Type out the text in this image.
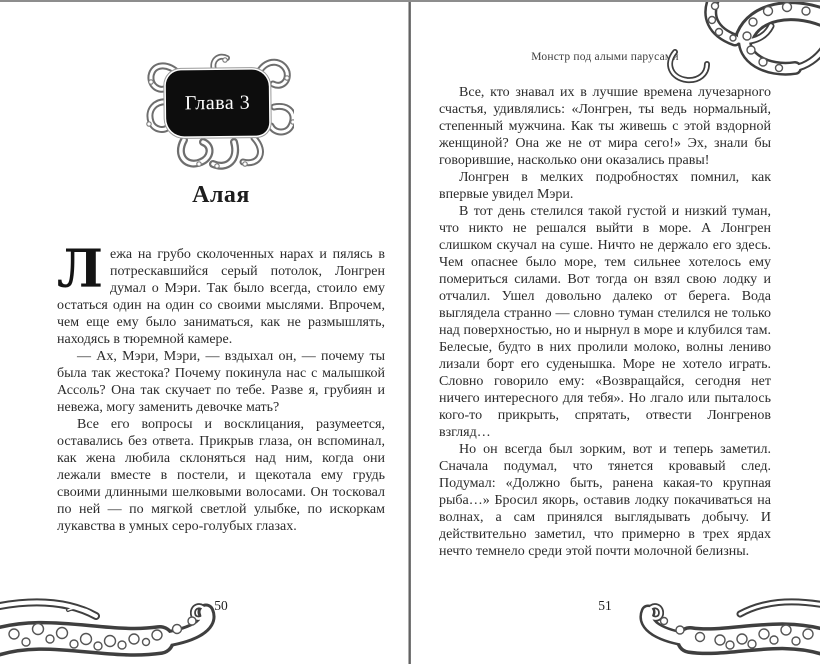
Глава 3
Алая

Лежа на грубо сколоченных нарах и пялясь в потрескавшийся серый потолок, Лонгрен думал о Мэри. Так было всегда, стоило ему остаться один на один со своими мыслями. Впрочем, чем еще ему было заниматься, как не размышлять, находясь в тюремной камере.

— Ах, Мэри, Мэри, — вздыхал он, — почему ты была так жестока? Почему покинула нас с малышкой Ассоль? Она так скучает по тебе. Разве я, грубиян и невежа, могу заменить девочке мать?

Все его вопросы и восклицания, разумеется, оставались без ответа. Прикрыв глаза, он вспоминал, как жена любила склоняться над ним, когда они лежали вместе в постели, и щекотала ему грудь своими длинными шелковыми волосами. Он тосковал по ней — по мягкой светлой улыбке, по искоркам лукавства в умных серо-голубых глазах.

50
Монстр под алыми парусами

Все, кто знавал их в лучшие времена лучезарного счастья, удивлялись: «Лонгрен, ты ведь нормальный, степенный мужчина. Как ты живешь с этой вздорной женщиной? Она же не от мира сего!» Эх, знали бы говорившие, насколько они оказались правы!

Лонгрен в мелких подробностях помнил, как впервые увидел Мэри.

В тот день стелился такой густой и низкий туман, что никто не решался выйти в море. А Лонгрен слишком скучал на суше. Ничто не держало его здесь. Чем опаснее было море, тем сильнее хотелось ему помериться силами. Вот тогда он взял свою лодку и отчалил. Ушел довольно далеко от берега. Вода выглядела странно — словно туман стелился не только над поверхностью, но и нырнул в море и клубился там. Белесые, будто в них пролили молоко, волны лениво лизали борт его суденышка. Море не хотело играть. Словно говорило ему: «Возвращайся, сегодня нет ничего интересного для тебя». Но лгало или пыталось кого-то прикрыть, спрятать, отвести Лонгренов взгляд…

Но он всегда был зорким, вот и теперь заметил. Сначала подумал, что тянется кровавый след. Подумал: «Должно быть, ранена какая-то крупная рыба…» Бросил якорь, оставив лодку покачиваться на волнах, а сам принялся выглядывать добычу. И действительно заметил, что примерно в трех ярдах нечто темнело среди этой почти молочной белизны.

51
